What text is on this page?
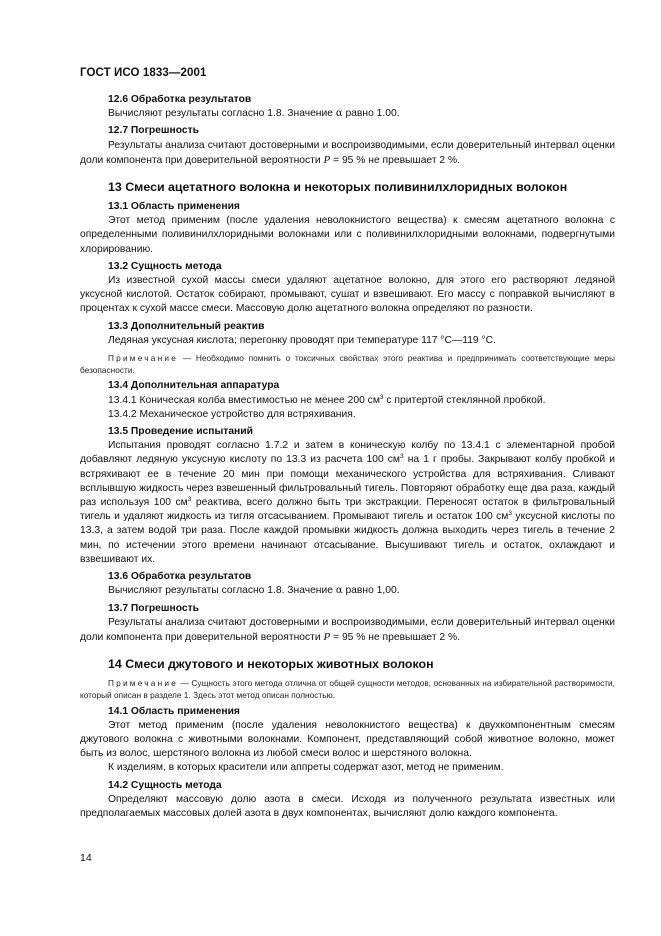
ГОСТ ИСО 1833—2001

12.6 Обработка результатов

Вычисляют результаты согласно 1.8. Значение α равно 1.00.

12.7 Погрешность

Результаты анализа считают достоверными и воспроизводимыми, если доверительный интервал оценки доли компонента при доверительной вероятности P = 95 % не превышает 2 %.

13 Смеси ацетатного волокна и некоторых поливинилхлоридных волокон

13.1 Область применения

Этот метод применим (после удаления неволокнистого вещества) к смесям ацетатного волокна с определенными поливинилхлоридными волокнами или с поливинилхлоридными волокнами, подвергнутыми хлорированию.

13.2 Сущность метода

Из известной сухой массы смеси удаляют ацетатное волокно, для этого его растворяют ледяной уксусной кислотой. Остаток собирают, промывают, сушат и взвешивают. Его массу с поправкой вычисляют в процентах к сухой массе смеси. Массовую долю ацетатного волокна определяют по разности.

13.3 Дополнительный реактив

Ледяная уксусная кислота; перегонку проводят при температуре 117 °С—119 °С.

Примечание — Необходимо помнить о токсичных свойствах этого реактива и предпринимать соответствующие меры безопасности.

13.4 Дополнительная аппаратура

13.4.1 Коническая колба вместимостью не менее 200 $см^3$ с притертой стеклянной пробкой.

13.4.2 Механическое устройство для встряхивания.

13.5 Проведение испытаний

Испытания проводят согласно 1.7.2 и затем в коническую колбу по 13.4.1 с элементарной пробой добавляют ледяную уксусную кислоту по 13.3 из расчета 100 $см^3$ на 1 г пробы. Закрывают колбу пробкой и встряхивают ее в течение 20 мин при помощи механического устройства для встряхивания. Сливают всплывшую жидкость через взвешенный фильтровальный тигель. Повторяют обработку еще два раза, каждый раз используя 100 $см^3$ реактива, всего должно быть три экстракции. Переносят остаток в фильтровальный тигель и удаляют жидкость из тигля отсасыванием. Промывают тигель и остаток 100 $см^3$ уксусной кислоты по 13.3, а затем водой три раза. После каждой промывки жидкость должна выходить через тигель в течение 2 мин, по истечении этого времени начинают отсасывание. Высушивают тигель и остаток, охлаждают и взвешивают их.

13.6 Обработка результатов

Вычисляют результаты согласно 1.8. Значение α равно 1,00.

13.7 Погрешность

Результаты анализа считают достоверными и воспроизводимыми, если доверительный интервал оценки доли компонента при доверительной вероятности P = 95 % не превышает 2 %.

14 Смеси джутового и некоторых животных волокон

Примечание — Сущность этого метода отлична от общей сущности методов, основанных на избирательной растворимости, который описан в разделе 1. Здесь этот метод описан полностью.

14.1 Область применения

Этот метод применим (после удаления неволокнистого вещества) к двухкомпонентным смесям джутового волокна с животными волокнами. Компонент, представляющий собой животное волокно, может быть из волос, шерстяного волокна из любой смеси волос и шерстяного волокна.

К изделиям, в которых красители или аппреты содержат азот, метод не применим.

14.2 Сущность метода

Определяют массовую долю азота в смеси. Исходя из полученного результата известных или предполагаемых массовых долей азота в двух компонентах, вычисляют долю каждого компонента.

14
